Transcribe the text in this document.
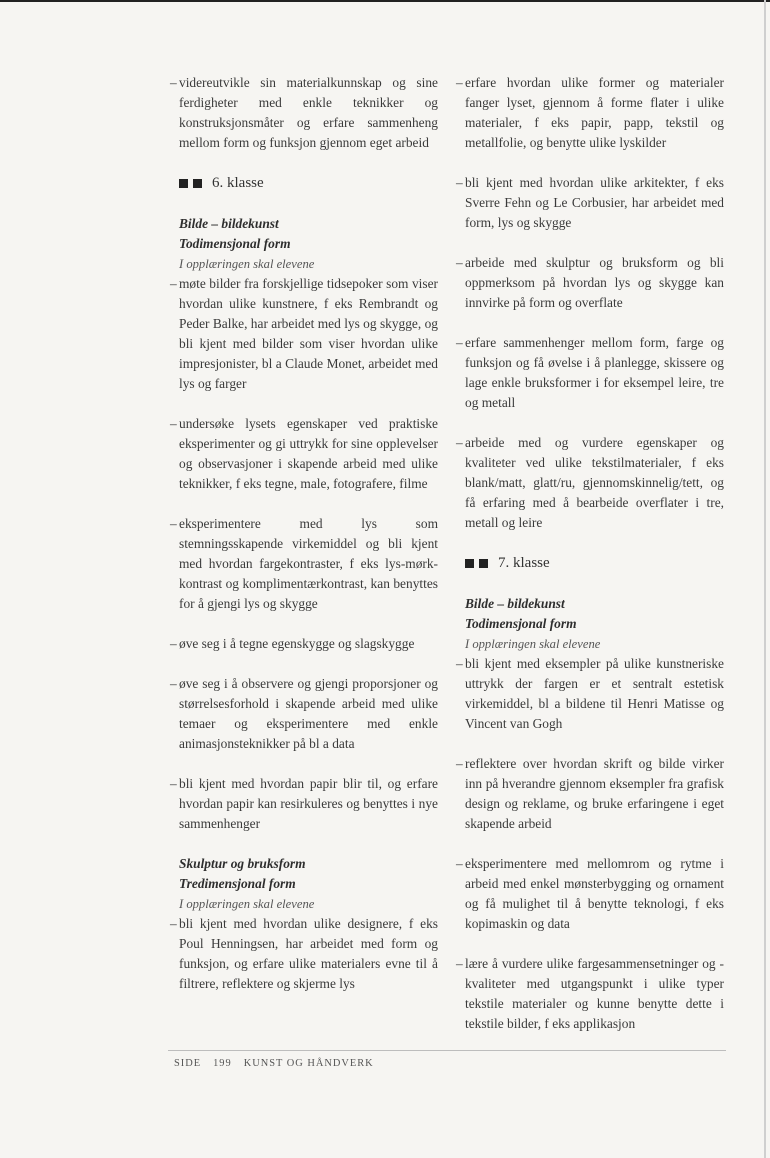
– videreutvikle sin materialkunnskap og sine ferdigheter med enkle teknikker og konstruksjonsmåter og erfare sammenheng mellom form og funksjon gjennom eget arbeid
6. klasse
Bilde – bildekunst
Todimensjonal form
I opplæringen skal elevene
– møte bilder fra forskjellige tidsepoker som viser hvordan ulike kunstnere, f eks Rembrandt og Peder Balke, har arbeidet med lys og skygge, og bli kjent med bilder som viser hvordan ulike impresjonister, bl a Claude Monet, arbeidet med lys og farger
– undersøke lysets egenskaper ved praktiske eksperimenter og gi uttrykk for sine opplevelser og observasjoner i skapende arbeid med ulike teknikker, f eks tegne, male, fotografere, filme
– eksperimentere med lys som stemningsskapende virkemiddel og bli kjent med hvordan fargekontraster, f eks lys-mørk-kontrast og komplimentærkontrast, kan benyttes for å gjengi lys og skygge
– øve seg i å tegne egenskygge og slagskygge
– øve seg i å observere og gjengi proporsjoner og størrelsesforhold i skapende arbeid med ulike temaer og eksperimentere med enkle animasjonsteknikker på bl a data
– bli kjent med hvordan papir blir til, og erfare hvordan papir kan resirkuleres og benyttes i nye sammenhenger
Skulptur og bruksform
Tredimensjonal form
I opplæringen skal elevene
– bli kjent med hvordan ulike designere, f eks Poul Henningsen, har arbeidet med form og funksjon, og erfare ulike materialers evne til å filtrere, reflektere og skjerme lys
– erfare hvordan ulike former og materialer fanger lyset, gjennom å forme flater i ulike materialer, f eks papir, papp, tekstil og metallfolie, og benytte ulike lyskilder
– bli kjent med hvordan ulike arkitekter, f eks Sverre Fehn og Le Corbusier, har arbeidet med form, lys og skygge
– arbeide med skulptur og bruksform og bli oppmerksom på hvordan lys og skygge kan innvirke på form og overflate
– erfare sammenhenger mellom form, farge og funksjon og få øvelse i å planlegge, skissere og lage enkle bruksformer i for eksempel leire, tre og metall
– arbeide med og vurdere egenskaper og kvaliteter ved ulike tekstilmaterialer, f eks blank/matt, glatt/ru, gjennomskinnelig/tett, og få erfaring med å bearbeide overflater i tre, metall og leire
7. klasse
Bilde – bildekunst
Todimensjonal form
I opplæringen skal elevene
– bli kjent med eksempler på ulike kunstneriske uttrykk der fargen er et sentralt estetisk virkemiddel, bl a bildene til Henri Matisse og Vincent van Gogh
– reflektere over hvordan skrift og bilde virker inn på hverandre gjennom eksempler fra grafisk design og reklame, og bruke erfaringene i eget skapende arbeid
– eksperimentere med mellomrom og rytme i arbeid med enkel mønsterbygging og ornament og få mulighet til å benytte teknologi, f eks kopimaskin og data
– lære å vurdere ulike fargesammensetninger og -kvaliteter med utgangspunkt i ulike typer tekstile materialer og kunne benytte dette i tekstile bilder, f eks applikasjon
SIDE 199 KUNST OG HÅNDVERK
